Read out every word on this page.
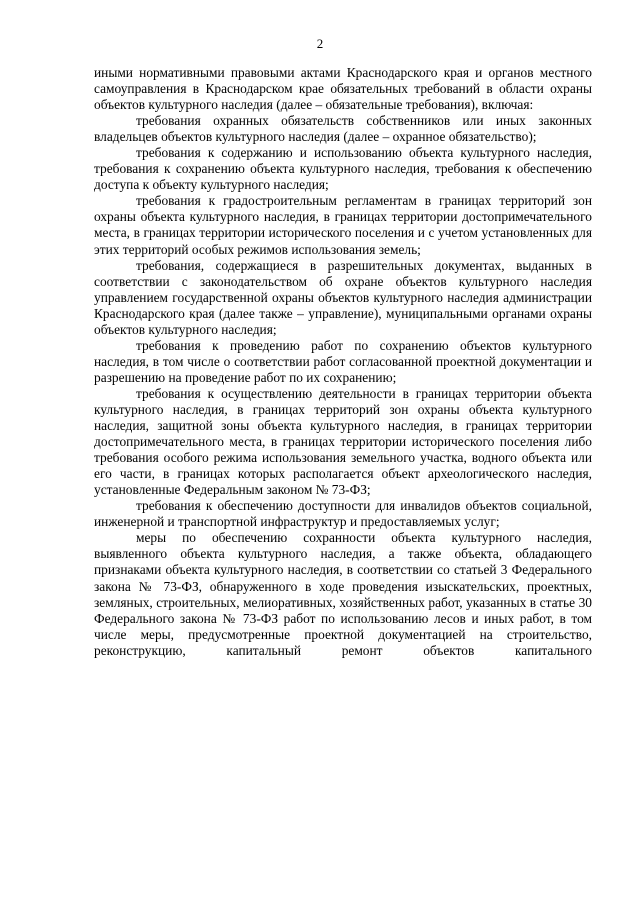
2

иными нормативными правовыми актами Краснодарского края и органов местного самоуправления в Краснодарском крае обязательных требований в области охраны объектов культурного наследия (далее – обязательные требования), включая:

требования охранных обязательств собственников или иных законных владельцев объектов культурного наследия (далее – охранное обязательство);

требования к содержанию и использованию объекта культурного наследия, требования к сохранению объекта культурного наследия, требования к обеспечению доступа к объекту культурного наследия;

требования к градостроительным регламентам в границах территорий зон охраны объекта культурного наследия, в границах территории достопримечательного места, в границах территории исторического поселения и с учетом установленных для этих территорий особых режимов использования земель;

требования, содержащиеся в разрешительных документах, выданных в соответствии с законодательством об охране объектов культурного наследия управлением государственной охраны объектов культурного наследия администрации Краснодарского края (далее также – управление), муниципальными органами охраны объектов культурного наследия;

требования к проведению работ по сохранению объектов культурного наследия, в том числе о соответствии работ согласованной проектной документации и разрешению на проведение работ по их сохранению;

требования к осуществлению деятельности в границах территории объекта культурного наследия, в границах территорий зон охраны объекта культурного наследия, защитной зоны объекта культурного наследия, в границах территории достопримечательного места, в границах территории исторического поселения либо требования особого режима использования земельного участка, водного объекта или его части, в границах которых располагается объект археологического наследия, установленные Федеральным законом № 73-ФЗ;

требования к обеспечению доступности для инвалидов объектов социальной, инженерной и транспортной инфраструктур и предоставляемых услуг;

меры по обеспечению сохранности объекта культурного наследия, выявленного объекта культурного наследия, а также объекта, обладающего признаками объекта культурного наследия, в соответствии со статьей 3 Федерального закона № 73-ФЗ, обнаруженного в ходе проведения изыскательских, проектных, земляных, строительных, мелиоративных, хозяйственных работ, указанных в статье 30 Федерального закона № 73-ФЗ работ по использованию лесов и иных работ, в том числе меры, предусмотренные проектной документацией на строительство, реконструкцию, капитальный ремонт объектов капитального
